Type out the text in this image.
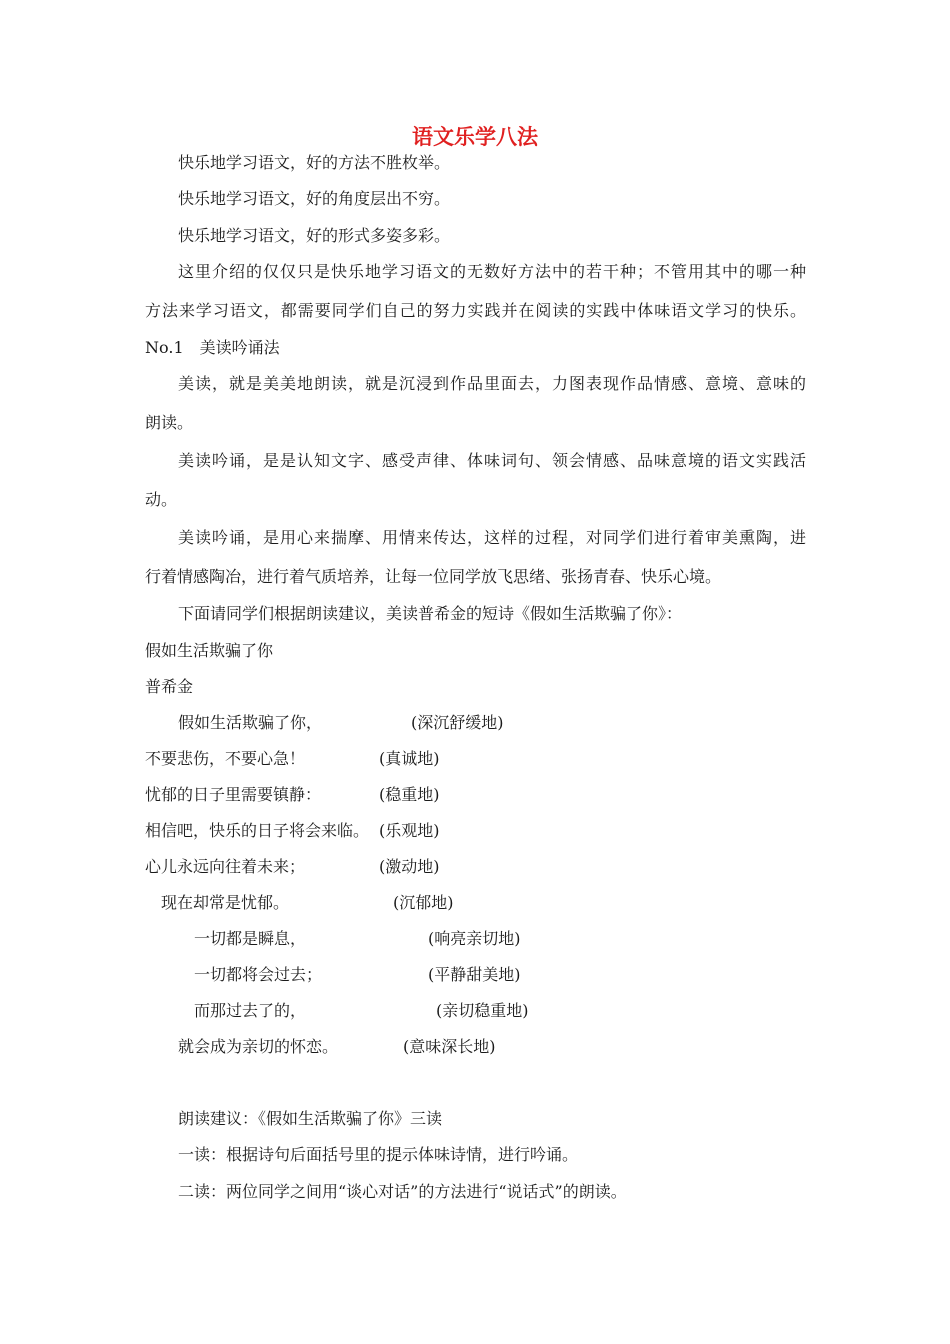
语文乐学八法
快乐地学习语文，好的方法不胜枚举。
快乐地学习语文，好的角度层出不穷。
快乐地学习语文，好的形式多姿多彩。
这里介绍的仅仅只是快乐地学习语文的无数好方法中的若干种；不管用其中的哪一种
方法来学习语文，都需要同学们自己的努力实践并在阅读的实践中体味语文学习的快乐。
No.1　美读吟诵法
美读，就是美美地朗读，就是沉浸到作品里面去，力图表现作品情感、意境、意味的
朗读。
美读吟诵，是是认知文字、感受声律、体味词句、领会情感、品味意境的语文实践活
动。
美读吟诵，是用心来揣摩、用情来传达，这样的过程，对同学们进行着审美熏陶，进
行着情感陶冶，进行着气质培养，让每一位同学放飞思绪、张扬青春、快乐心境。
下面请同学们根据朗读建议，美读普希金的短诗《假如生活欺骗了你》：
假如生活欺骗了你
普希金
假如生活欺骗了你，	(深沉舒缓地)
不要悲伤，不要心急！	(真诚地)
忧郁的日子里需要镇静：	(稳重地)
相信吧，快乐的日子将会来临。 (乐观地)
心儿永远向往着未来；	(激动地)
现在却常是忧郁。	(沉郁地)
一切都是瞬息，	(响亮亲切地)
一切都将会过去；	(平静甜美地)
而那过去了的，	(亲切稳重地)
就会成为亲切的怀恋。	(意味深长地)
朗读建议：《假如生活欺骗了你》三读
一读：根据诗句后面括号里的提示体味诗情，进行吟诵。
二读：两位同学之间用“谈心对话”的方法进行“说话式”的朗读。
